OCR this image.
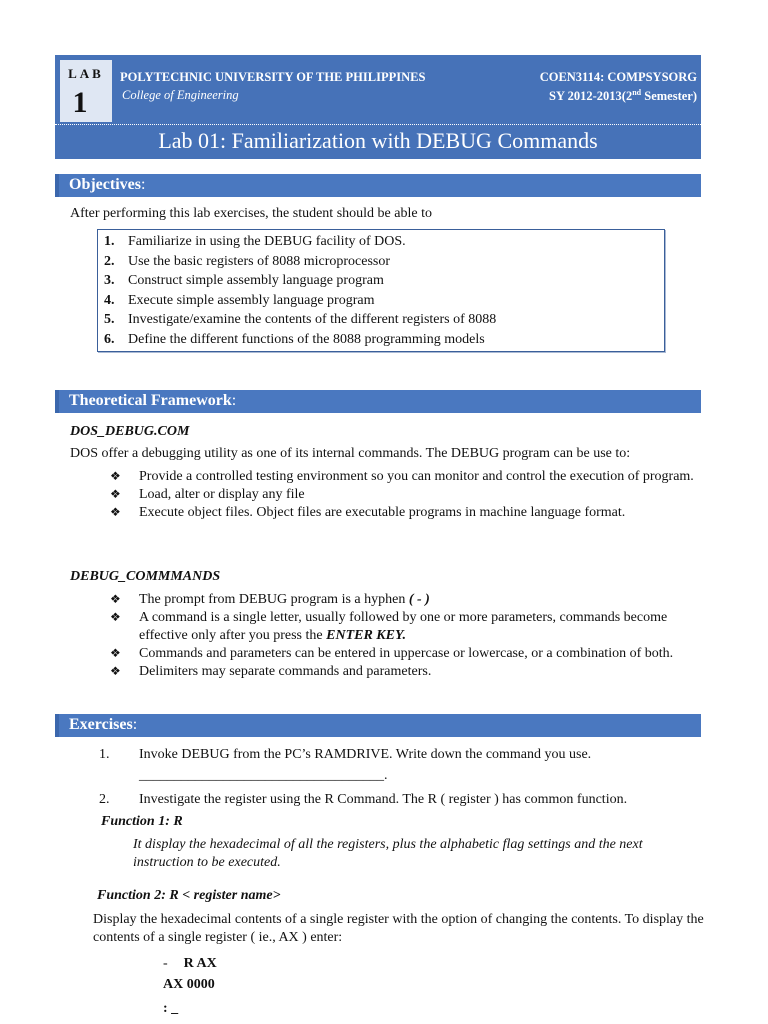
LAB
1
POLYTECHNIC UNIVERSITY OF THE PHILIPPINES
College of Engineering
COEN3114: COMPSYSORG
SY 2012-2013(2nd Semester)
Lab 01: Familiarization with DEBUG Commands
Objectives:
After performing this lab exercises, the student should be able to
1. Familiarize in using the DEBUG facility of DOS.
2. Use the basic registers of 8088 microprocessor
3. Construct simple assembly language program
4. Execute simple assembly language program
5. Investigate/examine the contents of the different registers of 8088
6. Define the different functions of the 8088 programming models
Theoretical Framework:
DOS_DEBUG.COM
DOS offer a debugging utility as one of its internal commands. The DEBUG program can be use to:
❖ Provide a controlled testing environment so you can monitor and control the execution of program.
❖ Load, alter or display any file
❖ Execute object files. Object files are executable programs in machine language format.
DEBUG_COMMMANDS
❖ The prompt from DEBUG program is a hyphen ( - )
❖ A command is a single letter, usually followed by one or more parameters, commands become effective only after you press the ENTER KEY.
❖ Commands and parameters can be entered in uppercase or lowercase, or a combination of both.
❖ Delimiters may separate commands and parameters.
Exercises:
1. Invoke DEBUG from the PC’s RAMDRIVE. Write down the command you use.
___________________________________.
2. Investigate the register using the R Command. The R ( register ) has common function.
Function 1: R
It display the hexadecimal of all the registers, plus the alphabetic flag settings and the next instruction to be executed.
Function 2: R < register name>
Display the hexadecimal contents of a single register with the option of changing the contents. To display the contents of a single register ( ie., AX ) enter:
- R AX
AX 0000
: _
